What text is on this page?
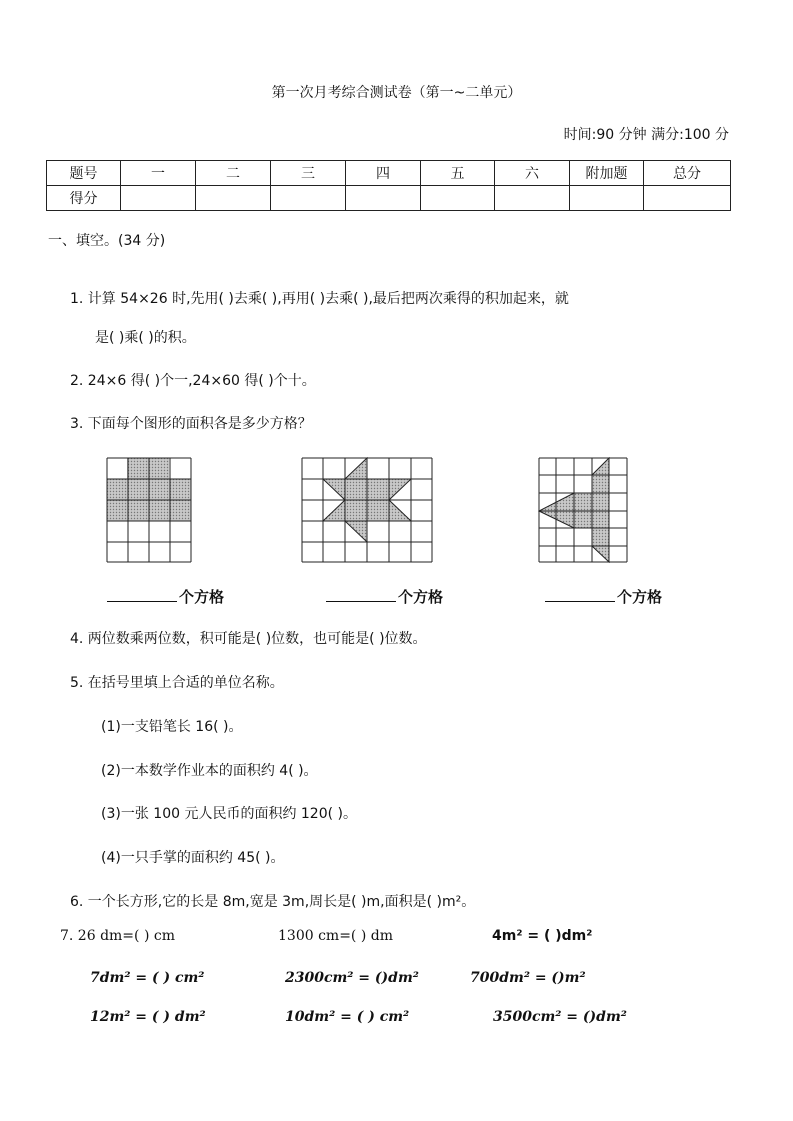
第一次月考综合测试卷（第一~二单元）
时间:90 分钟 满分:100 分
题号	一	二	三	四	五	六	附加题	总分
得分								
一、填空。(34 分)
1. 计算 54×26 时,先用( )去乘( ),再用( )去乘( ),最后把两次乘得的积加起来，就
是( )乘( )的积。
2. 24×6 得( )个一,24×60 得( )个十。
3. 下面每个图形的面积各是多少方格？
个方格	个方格	个方格
4. 两位数乘两位数，积可能是( )位数，也可能是( )位数。
5. 在括号里填上合适的单位名称。
(1)一支铅笔长 16( )。
(2)一本数学作业本的面积约 4( )。
(3)一张 100 元人民币的面积约 120( )。
(4)一只手掌的面积约 45( )。
6. 一个长方形,它的长是 8m,宽是 3m,周长是( )m,面积是( )m²。
7. 26 dm=( ) cm	1300 cm=( ) dm	4m² = ( )dm²
7dm² = ( ) cm²	2300cm² = ()dm²	700dm² = ()m²
12m² = ( ) dm²	10dm² = ( ) cm²	3500cm² = ()dm²
